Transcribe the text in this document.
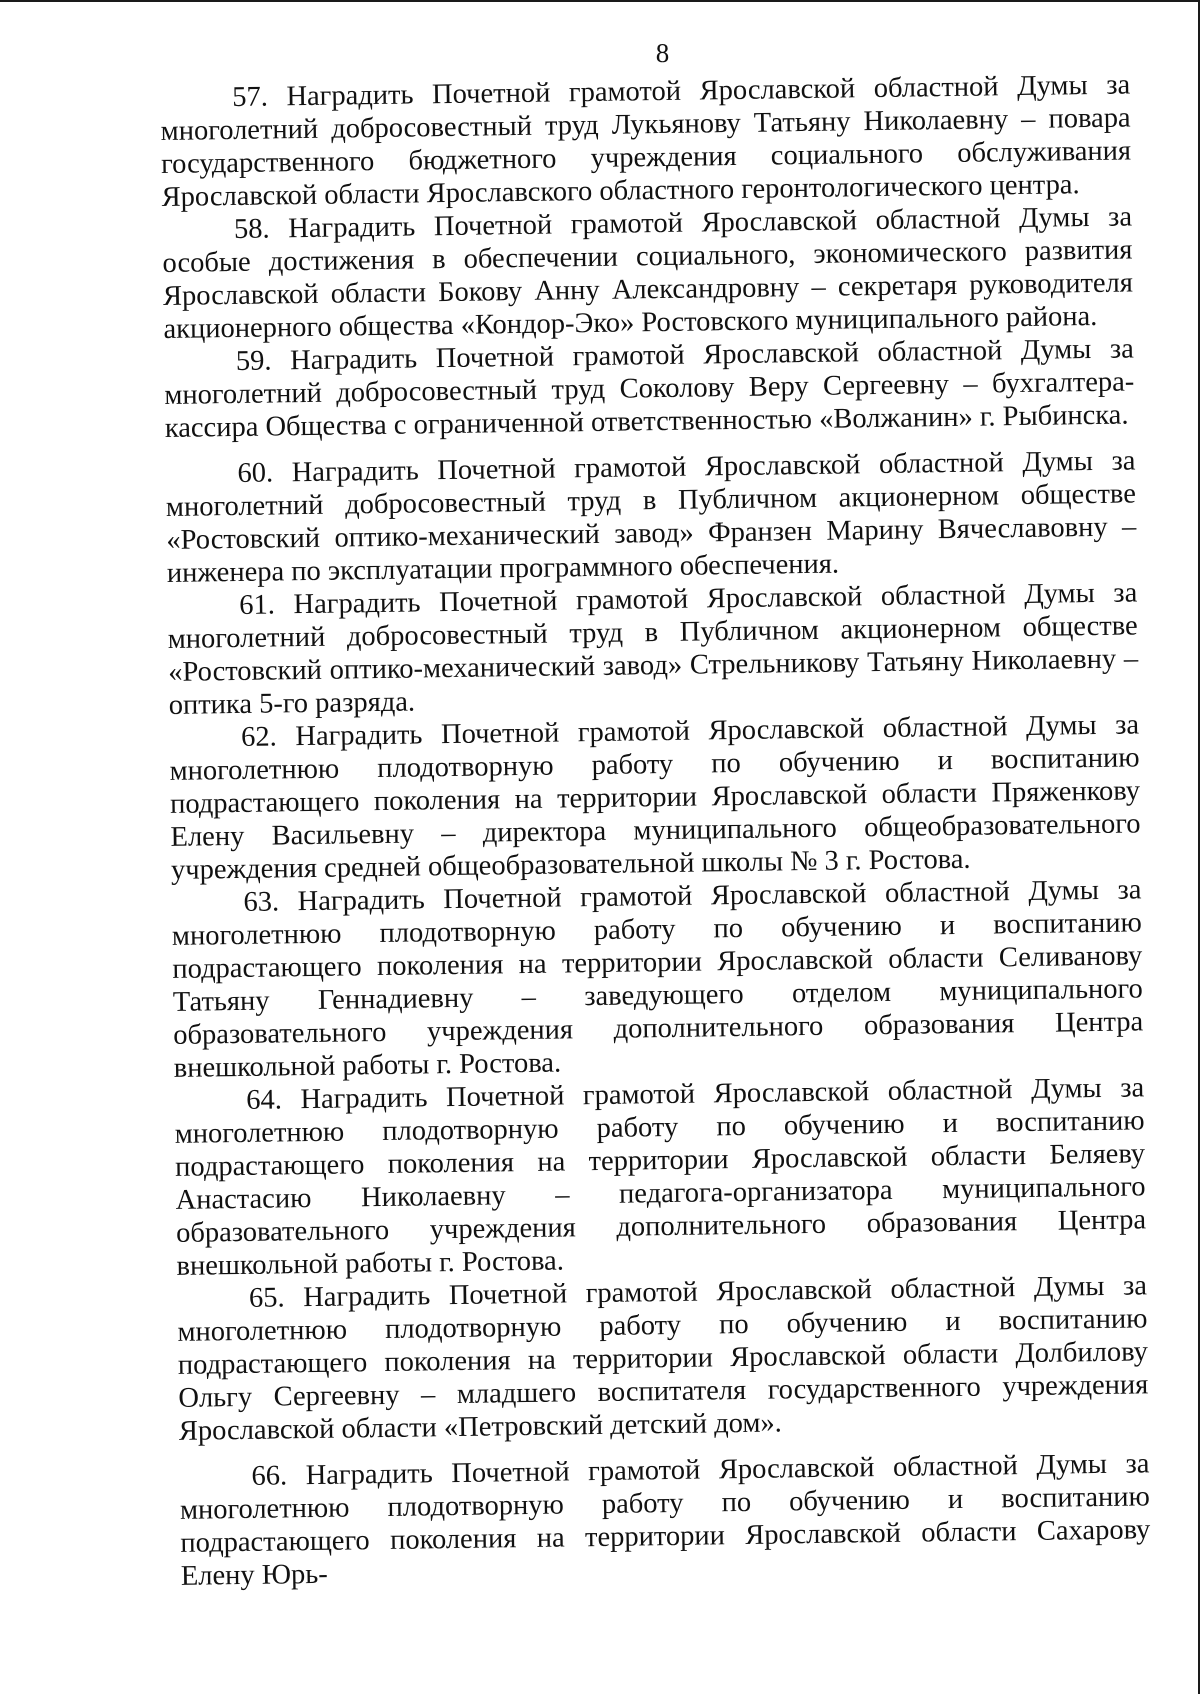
8

57. Наградить Почетной грамотой Ярославской областной Думы за многолетний добросовестный труд Лукьянову Татьяну Николаевну – повара государственного бюджетного учреждения социального обслуживания Ярославской области Ярославского областного геронтологического центра.

58. Наградить Почетной грамотой Ярославской областной Думы за особые достижения в обеспечении социального, экономического развития Ярославской области Бокову Анну Александровну – секретаря руководителя акционерного общества «Кондор-Эко» Ростовского муниципального района.

59. Наградить Почетной грамотой Ярославской областной Думы за многолетний добросовестный труд Соколову Веру Сергеевну – бухгалтера-кассира Общества с ограниченной ответственностью «Волжанин» г. Рыбинска.

60. Наградить Почетной грамотой Ярославской областной Думы за многолетний добросовестный труд в Публичном акционерном обществе «Ростовский оптико-механический завод» Франзен Марину Вячеславовну – инженера по эксплуатации программного обеспечения.

61. Наградить Почетной грамотой Ярославской областной Думы за многолетний добросовестный труд в Публичном акционерном обществе «Ростовский оптико-механический завод» Стрельникову Татьяну Николаевну – оптика 5-го разряда.

62. Наградить Почетной грамотой Ярославской областной Думы за многолетнюю плодотворную работу по обучению и воспитанию подрастающего поколения на территории Ярославской области Пряженкову Елену Васильевну – директора муниципального общеобразовательного учреждения средней общеобразовательной школы № 3 г. Ростова.

63. Наградить Почетной грамотой Ярославской областной Думы за многолетнюю плодотворную работу по обучению и воспитанию подрастающего поколения на территории Ярославской области Селиванову Татьяну Геннадиевну – заведующего отделом муниципального образовательного учреждения дополнительного образования Центра внешкольной работы г. Ростова.

64. Наградить Почетной грамотой Ярославской областной Думы за многолетнюю плодотворную работу по обучению и воспитанию подрастающего поколения на территории Ярославской области Беляеву Анастасию Николаевну – педагога-организатора муниципального образовательного учреждения дополнительного образования Центра внешкольной работы г. Ростова.

65. Наградить Почетной грамотой Ярославской областной Думы за многолетнюю плодотворную работу по обучению и воспитанию подрастающего поколения на территории Ярославской области Долбилову Ольгу Сергеевну – младшего воспитателя государственного учреждения Ярославской области «Петровский детский дом».

66. Наградить Почетной грамотой Ярославской областной Думы за многолетнюю плодотворную работу по обучению и воспитанию подрастающего поколения на территории Ярославской области Сахарову Елену Юрь-
